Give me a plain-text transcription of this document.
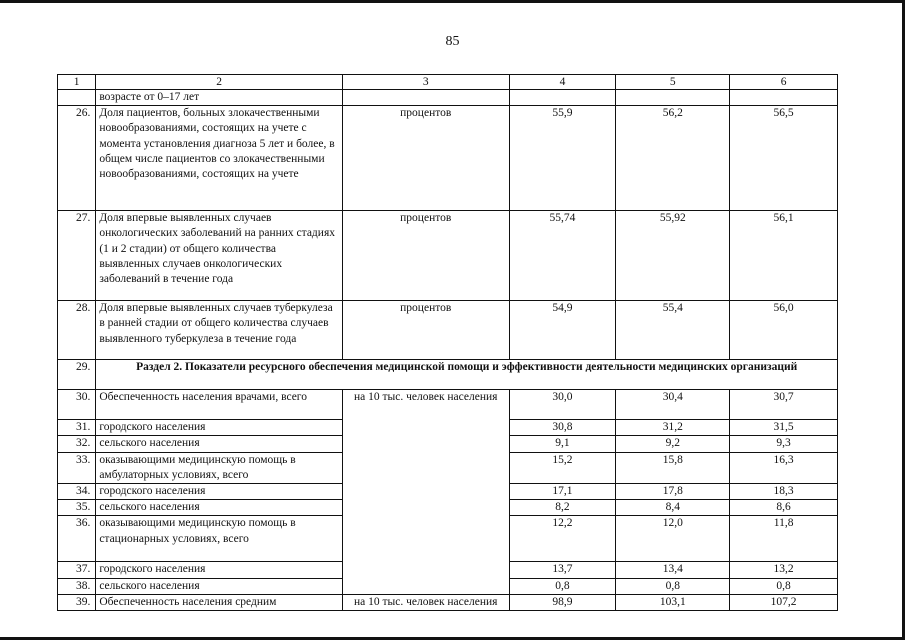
85
1	2	3	4	5	6
	возрасте от 0–17 лет				
26.	Доля пациентов, больных злокачественными новообразованиями, состоящих на учете с момента установления диагноза 5 лет и более, в общем числе пациентов со злокачественными новообразованиями, состоящих на учете	процентов	55,9	56,2	56,5
27.	Доля впервые выявленных случаев онкологических заболеваний на ранних стадиях (1 и 2 стадии) от общего количества выявленных случаев онкологических заболеваний в течение года	процентов	55,74	55,92	56,1
28.	Доля впервые выявленных случаев туберкулеза в ранней стадии от общего количества случаев выявленного туберкулеза в течение года	процентов	54,9	55,4	56,0
29.	Раздел 2. Показатели ресурсного обеспечения медицинской помощи и эффективности деятельности медицинских организаций				
30.	Обеспеченность населения врачами, всего	на 10 тыс. человек населения	30,0	30,4	30,7
31.	городского населения		30,8	31,2	31,5
32.	сельского населения		9,1	9,2	9,3
33.	оказывающими медицинскую помощь в амбулаторных условиях, всего		15,2	15,8	16,3
34.	городского населения		17,1	17,8	18,3
35.	сельского населения		8,2	8,4	8,6
36.	оказывающими медицинскую помощь в стационарных условиях, всего		12,2	12,0	11,8
37.	городского населения		13,7	13,4	13,2
38.	сельского населения		0,8	0,8	0,8
39.	Обеспеченность населения средним	на 10 тыс. человек населения	98,9	103,1	107,2
